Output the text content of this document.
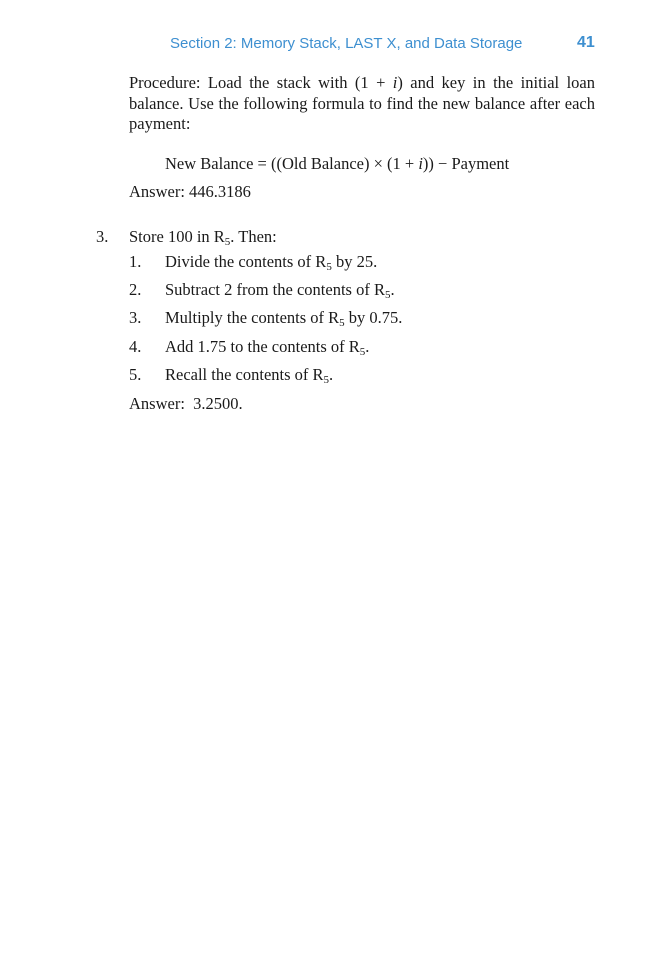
Section 2: Memory Stack, LAST X, and Data Storage	41
Procedure: Load the stack with (1 + i) and key in the initial loan balance. Use the following formula to find the new balance after each payment:
New Balance = ((Old Balance) × (1 + i)) − Payment
Answer: 446.3186
3. Store 100 in $R_5$. Then:
1. Divide the contents of $R_5$ by 25.
2. Subtract 2 from the contents of $R_5$.
3. Multiply the contents of $R_5$ by 0.75.
4. Add 1.75 to the contents of $R_5$.
5. Recall the contents of $R_5$.
Answer:  3.2500.
